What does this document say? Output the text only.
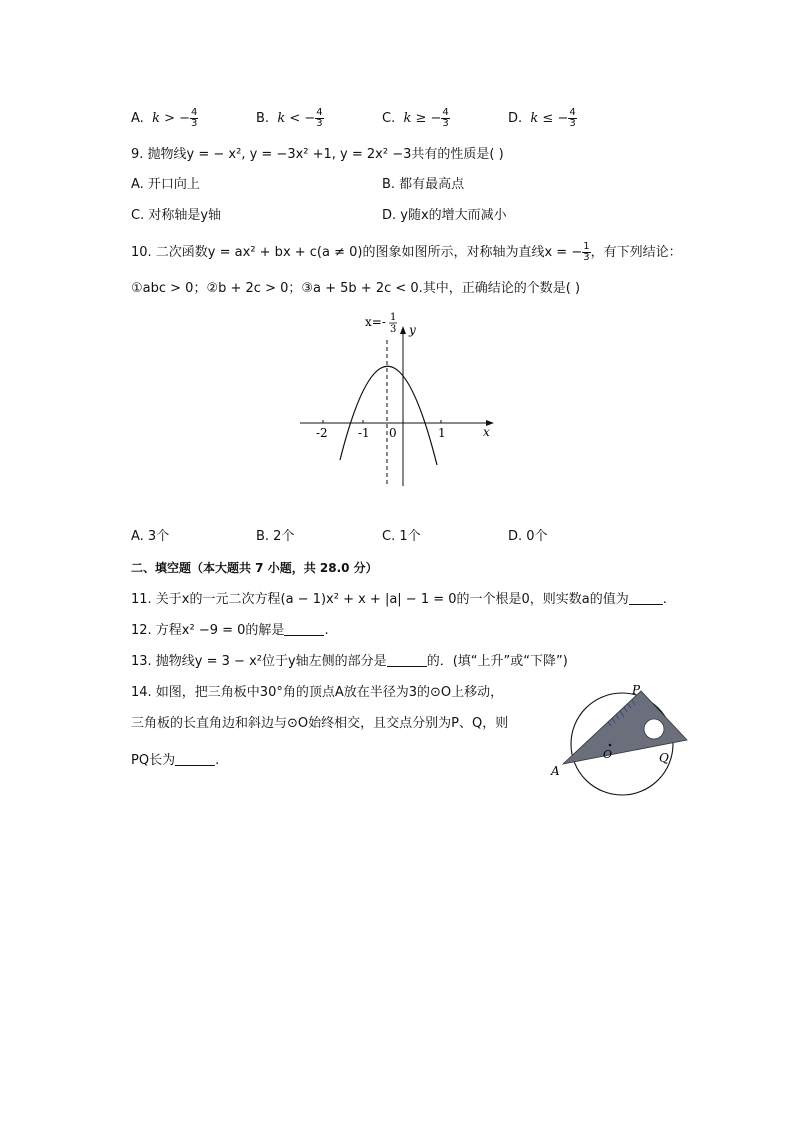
A. k > − $\frac{4}{3}$	B. k < − $\frac{4}{3}$	C. k ≥ − $\frac{4}{3}$	D. k ≤ − $\frac{4}{3}$
9. 抛物线y = − x², y = −3x² +1, y = 2x² −3共有的性质是( )
A. 开口向上	B. 都有最高点
C. 对称轴是y轴	D. y随x的增大而减小
10. 二次函数y = ax² + bx + c(a ≠ 0)的图象如图所示，对称轴为直线x = − $\frac{1}{3}$ ，有下列结论：
①abc > 0；②b + 2c > 0；③a + 5b + 2c < 0.其中，正确结论的个数是( )
x=- 1
3 y
x
-2	-1 0	1
A. 3个	B. 2个	C. 1个	D. 0个
二、填空题（本大题共 7 小题，共 28.0 分）
11. 关于x的一元二次方程(a − 1)x² + x + |a| − 1 = 0的一个根是0，则实数a的值为	.
12. 方程x² −9 = 0的解是	.
13. 抛物线y = 3 − x²位于y轴左侧的部分是	的．(填“上升”或“下降”)
14. 如图，把三角板中30°角的顶点A放在半径为3的⊙O上移动，
三角板的长直角边和斜边与⊙O始终相交，且交点分别为P、Q，则
PQ长为	.
A
P
Q
O
